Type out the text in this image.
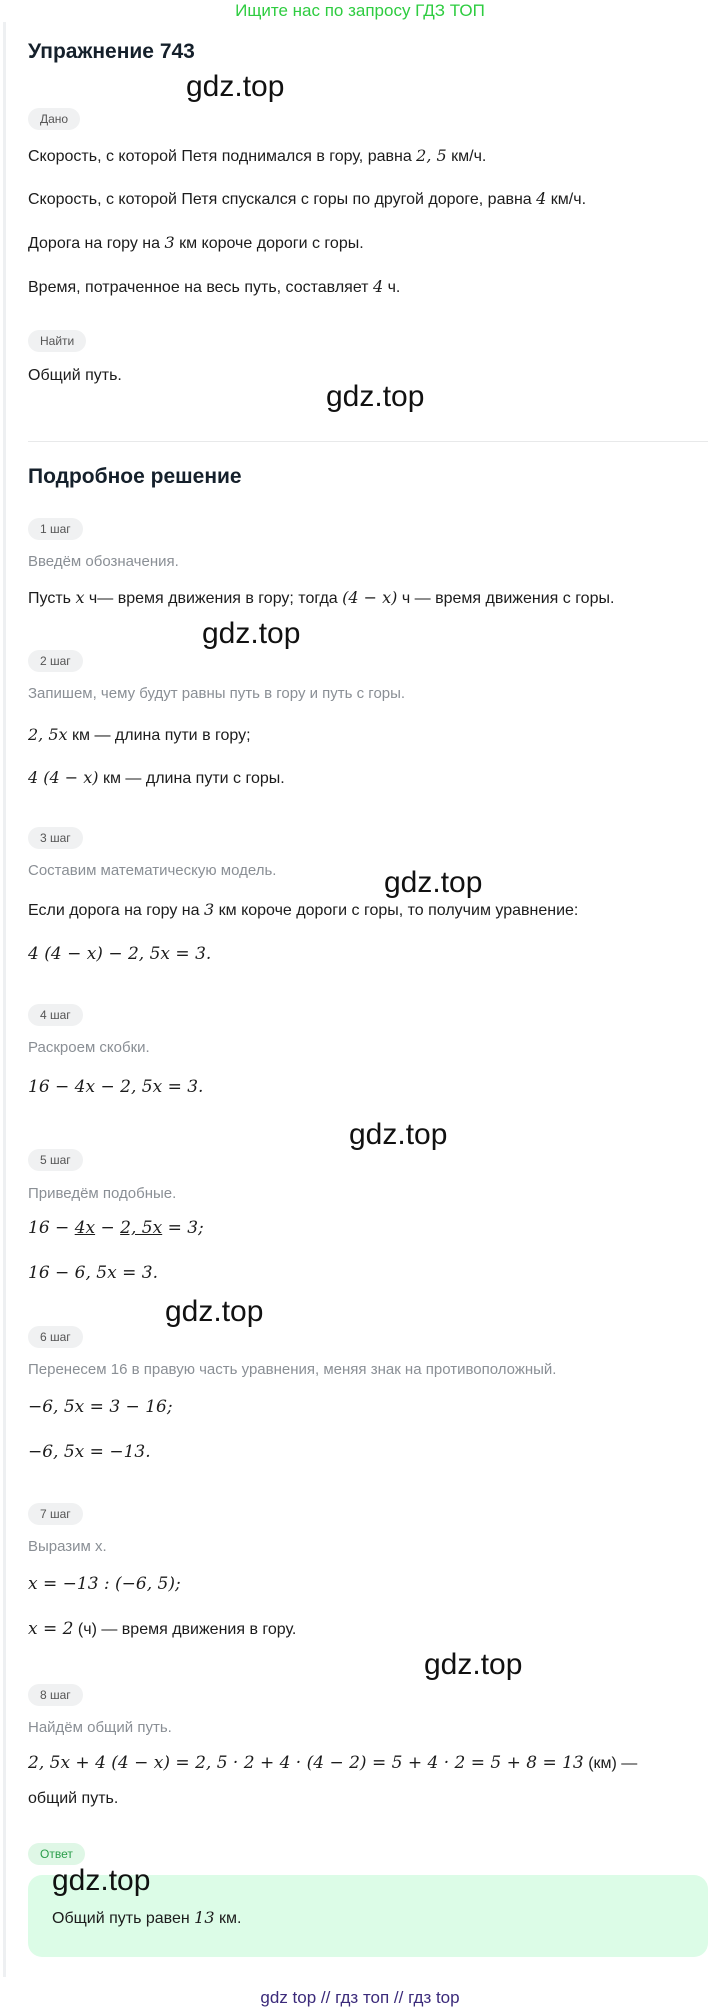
Ищите нас по запросу ГДЗ ТОП
Упражнение 743
gdz.top
Дано
Скорость, с которой Петя поднимался в гору, равна 2, 5 км/ч.
Скорость, с которой Петя спускался с горы по другой дороге, равна 4 км/ч.
Дорога на гору на 3 км короче дороги с горы.
Время, потраченное на весь путь, составляет 4 ч.
Найти
Общий путь.
gdz.top
Подробное решение
1 шаг
Введём обозначения.
Пусть x ч— время движения в гору; тогда (4 − x) ч — время движения с горы.
gdz.top
2 шаг
Запишем, чему будут равны путь в гору и путь с горы.
2, 5x км — длина пути в гору;
4 (4 − x) км — длина пути с горы.
3 шаг
Составим математическую модель.	gdz.top
Если дорога на гору на 3 км короче дороги с горы, то получим уравнение:
4 (4 − x) − 2, 5x = 3.
4 шаг
Раскроем скобки.
16 − 4x − 2, 5x = 3.
gdz.top
5 шаг
Приведём подобные.
16 − 4x − 2, 5x = 3;
16 − 6, 5x = 3.
gdz.top
6 шаг
Перенесем 16 в правую часть уравнения, меняя знак на противоположный.
−6, 5x = 3 − 16;
−6, 5x = −13.
7 шаг
Выразим x.
x = −13 : (−6, 5);
x = 2 (ч) — время движения в гору.
gdz.top
8 шаг
Найдём общий путь.
2, 5x + 4 (4 − x) = 2, 5 · 2 + 4 · (4 − 2) = 5 + 4 · 2 = 5 + 8 = 13 (км) —
общий путь.
Ответ
gdz.top
Общий путь равен 13 км.
gdz top // гдз топ // гдз top
